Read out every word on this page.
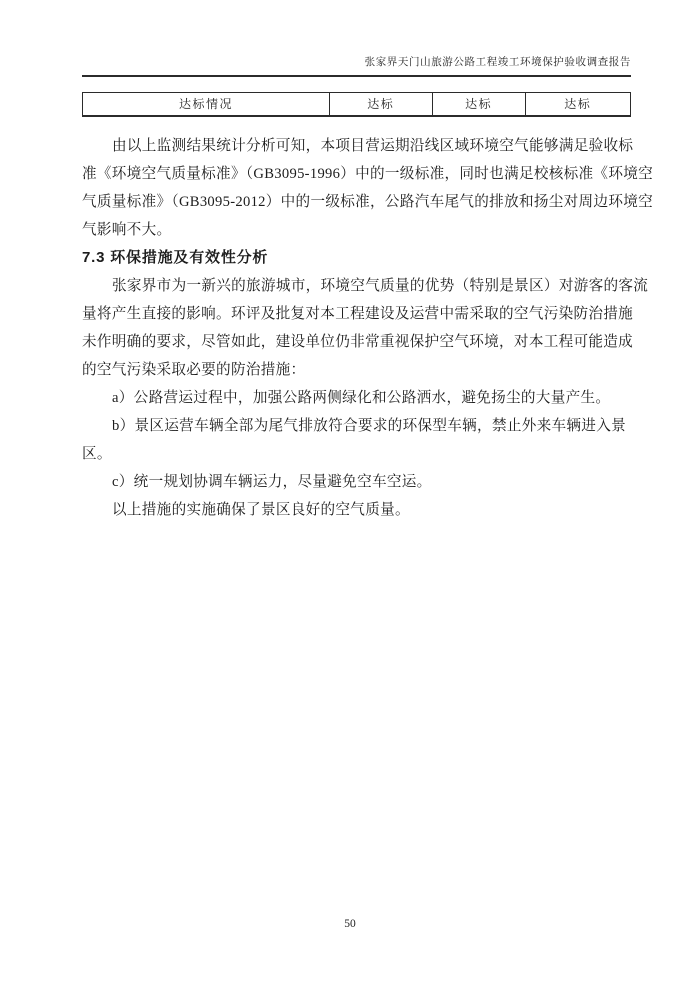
张家界天门山旅游公路工程竣工环境保护验收调查报告
达标情况	达标	达标	达标
由以上监测结果统计分析可知，本项目营运期沿线区域环境空气能够满足验收标
准《环境空气质量标准》（GB3095-1996）中的一级标准，同时也满足校核标准《环境空
气质量标准》（GB3095-2012）中的一级标准，公路汽车尾气的排放和扬尘对周边环境空
气影响不大。
7.3 环保措施及有效性分析
张家界市为一新兴的旅游城市，环境空气质量的优势（特别是景区）对游客的客流
量将产生直接的影响。环评及批复对本工程建设及运营中需采取的空气污染防治措施
未作明确的要求，尽管如此，建设单位仍非常重视保护空气环境，对本工程可能造成
的空气污染采取必要的防治措施：
a）公路营运过程中，加强公路两侧绿化和公路洒水，避免扬尘的大量产生。
b）景区运营车辆全部为尾气排放符合要求的环保型车辆，禁止外来车辆进入景
区。
c）统一规划协调车辆运力，尽量避免空车空运。
以上措施的实施确保了景区良好的空气质量。
50
